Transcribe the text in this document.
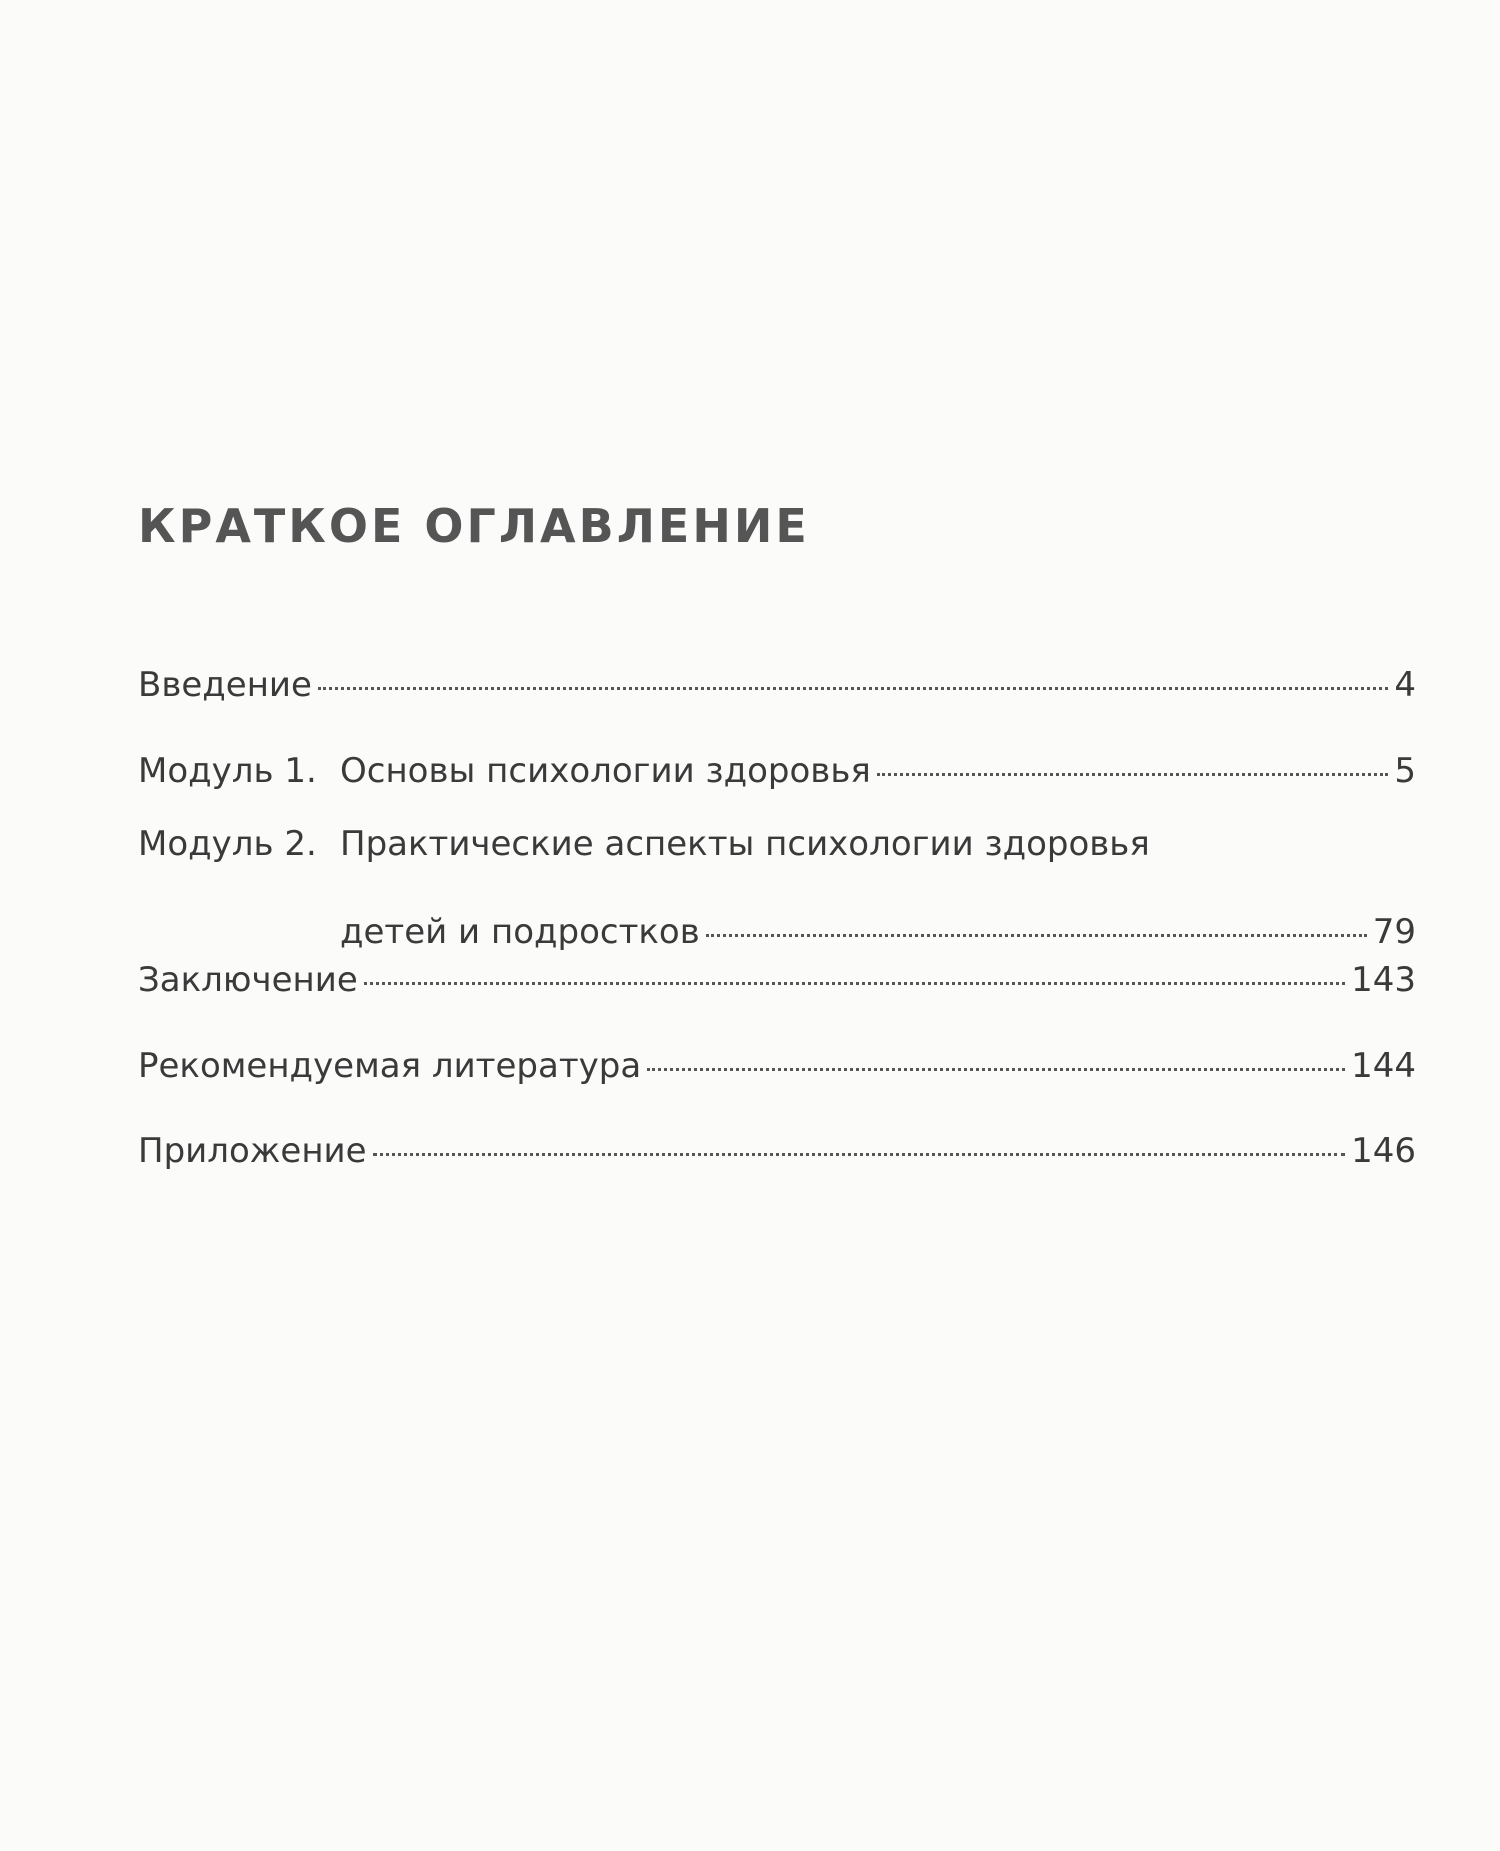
КРАТКОЕ ОГЛАВЛЕНИЕ
Введение	4
Модуль 1. Основы психологии здоровья	5
Модуль 2. Практические аспекты психологии здоровья
детей и подростков	79
Заключение	143
Рекомендуемая литература	144
Приложение	146
